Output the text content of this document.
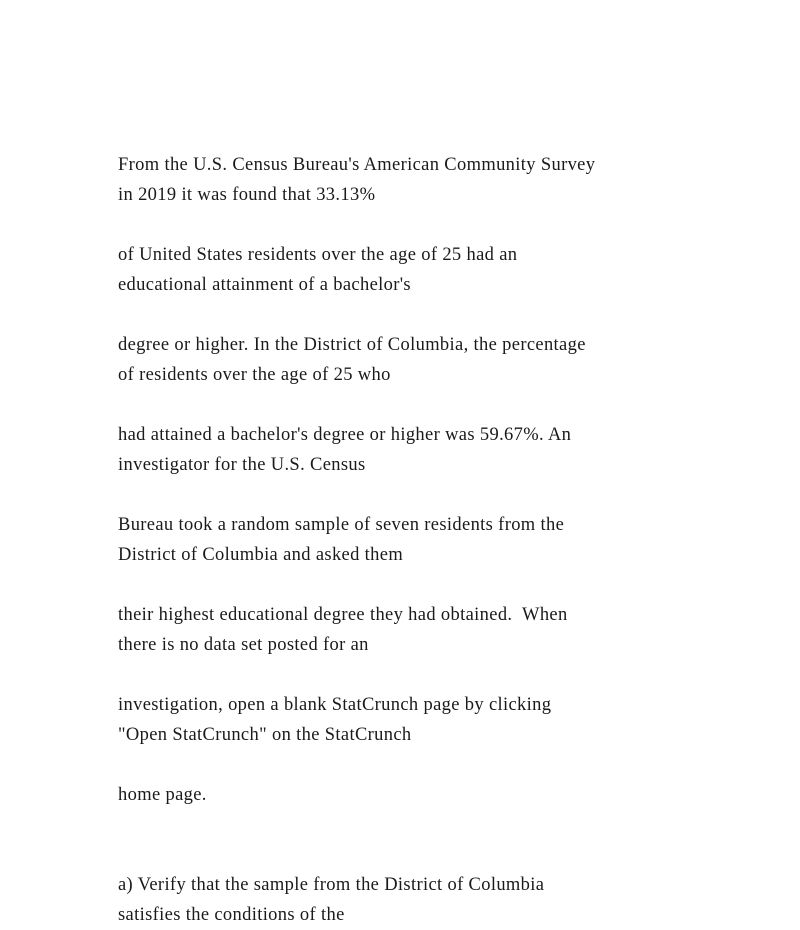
From the U.S. Census Bureau's American Community Survey
in 2019 it was found that 33.13%

of United States residents over the age of 25 had an
educational attainment of a bachelor's

degree or higher. In the District of Columbia, the percentage
of residents over the age of 25 who

had attained a bachelor's degree or higher was 59.67%. An
investigator for the U.S. Census

Bureau took a random sample of seven residents from the
District of Columbia and asked them

their highest educational degree they had obtained.  When
there is no data set posted for an

investigation, open a blank StatCrunch page by clicking
"Open StatCrunch" on the StatCrunch

home page.

a) Verify that the sample from the District of Columbia
satisfies the conditions of the
